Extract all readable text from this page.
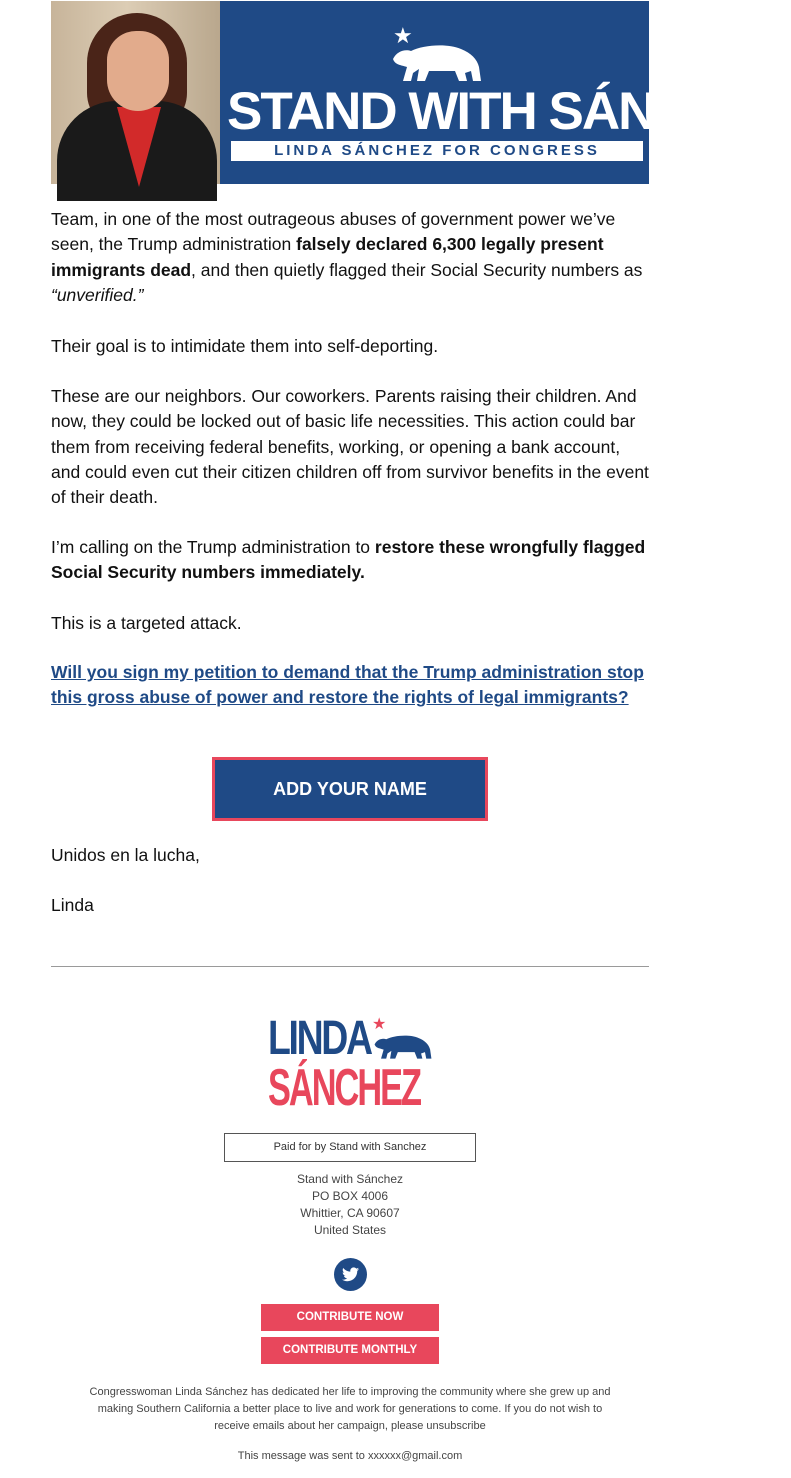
★
STAND WITH SÁNCHEZ
LINDA SÁNCHEZ FOR CONGRESS
Team, in one of the most outrageous abuses of government power we’ve seen, the Trump administration falsely declared 6,300 legally present immigrants dead, and then quietly flagged their Social Security numbers as “unverified.”
Their goal is to intimidate them into self-deporting.
These are our neighbors. Our coworkers. Parents raising their children. And now, they could be locked out of basic life necessities. This action could bar them from receiving federal benefits, working, or opening a bank account, and could even cut their citizen children off from survivor benefits in the event of their death.
I’m calling on the Trump administration to restore these wrongfully flagged Social Security numbers immediately.
This is a targeted attack.
Will you sign my petition to demand that the Trump administration stop this gross abuse of power and restore the rights of legal immigrants?
ADD YOUR NAME
Unidos en la lucha,
Linda
LINDA ★
SÁNCHEZ
Paid for by Stand with Sanchez
Stand with Sánchez
PO BOX 4006
Whittier, CA 90607
United States
CONTRIBUTE NOW
CONTRIBUTE MONTHLY
Congresswoman Linda Sánchez has dedicated her life to improving the community where she grew up and making Southern California a better place to live and work for generations to come. If you do not wish to receive emails about her campaign, please unsubscribe
This message was sent to xxxxxx@gmail.com
